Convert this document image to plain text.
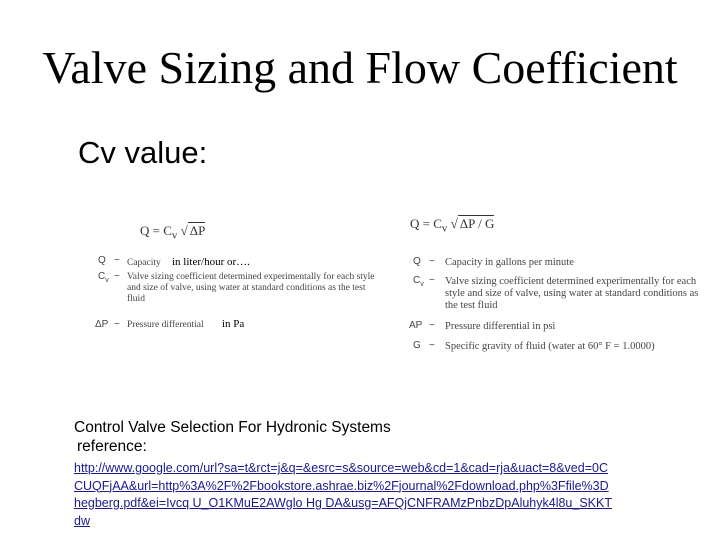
Valve Sizing and Flow Coefficient
Cv value:
$Q = C_v$ √ ΔP
Q
$C_v$
ΔP
−
−
−
Capacity
Valve sizing coefficient determined experimentally for each style and size of valve, using water at standard conditions as the test fluid
Pressure differential
in liter/hour or….
in Pa
$Q = C_v$ √ ΔP / G
Q
$C_v$
AP
G
−
−
−
−
Capacity in gallons per minute
Valve sizing coefficient determined experimentally for each style and size of valve, using water at standard conditions as the test fluid
Pressure differential in psi
Specific gravity of fluid (water at 60° F = 1.0000)
Control Valve Selection For Hydronic Systems
reference:
http://www.google.com/url?sa=t&rct=j&q=&esrc=s&source=web&cd=1&cad=rja&uact=8&ved=0CCUQFjAA&url=http%3A%2F%2Fbookstore.ashrae.biz%2Fjournal%2Fdownload.php%3Ffile%3Dhegberg.pdf&ei=Ivcq U_O1KMuE2AWglo Hg DA&usg=AFQjCNFRAMzPnbzDpAluhyk4l8u_SKKTdw
